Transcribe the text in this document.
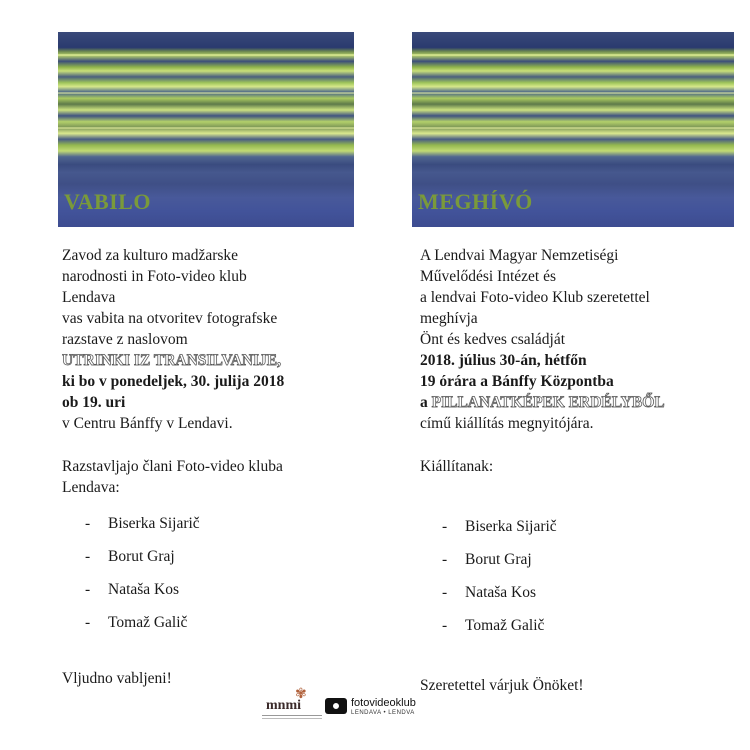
VABILO	MEGHÍVÓ
Zavod za kulturo madžarske
narodnosti in Foto-video klub
Lendava
vas vabita na otvoritev fotografske
razstave z naslovom
UTRINKI IZ TRANSILVANIJE,
ki bo v ponedeljek, 30. julija 2018
ob 19. uri
v Centru Bánffy v Lendavi.
Razstavljajo člani Foto-video kluba
Lendava:
- Biserka Sijarič
- Borut Graj
- Nataša Kos
- Tomaž Galič
Vljudno vabljeni!
A Lendvai Magyar Nemzetiségi
Művelődési Intézet és
a lendvai Foto-video Klub szeretettel
meghívja
Önt és kedves családját
2018. július 30-án, hétfőn
19 órára a Bánffy Központba
a PILLANATKÉPEK ERDÉLYBŐL
című kiállítás megnyitójára.
Kiállítanak:
- Biserka Sijarič
- Borut Graj
- Nataša Kos
- Tomaž Galič
Szeretettel várjuk Önöket!
✾
mnmi	fotovideoklub
LENDAVA • LENDVA
